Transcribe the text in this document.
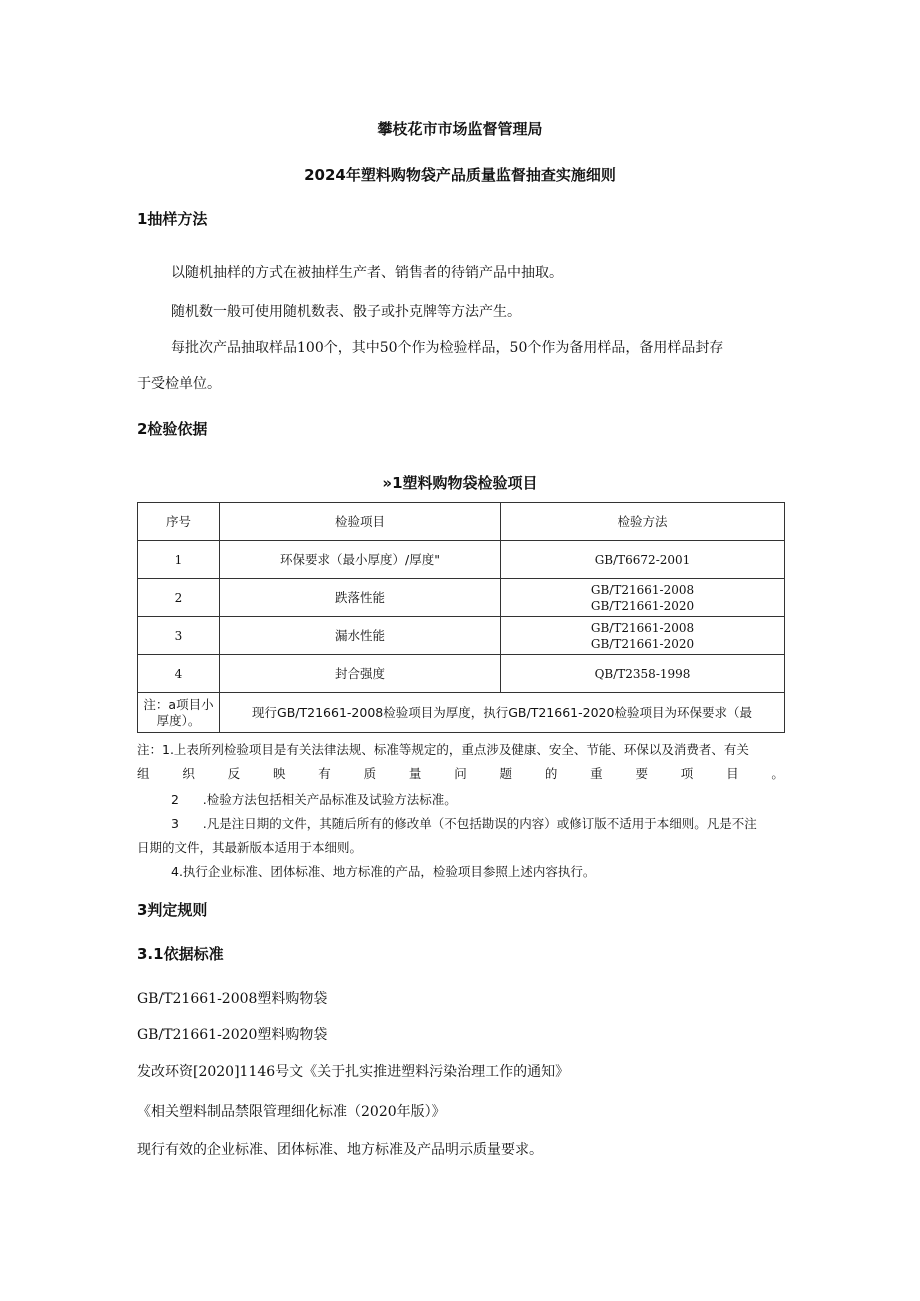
攀枝花市市场监督管理局
2024年塑料购物袋产品质量监督抽查实施细则
1抽样方法
以随机抽样的方式在被抽样生产者、销售者的待销产品中抽取。
随机数一般可使用随机数表、骰子或扑克牌等方法产生。
每批次产品抽取样品100个，其中50个作为检验样品，50个作为备用样品，备用样品封存
于受检单位。
2检验依据
»1塑料购物袋检验项目
序号	检验项目	检验方法
1	环保要求（最小厚度）/厚度"	GB/T6672-2001

2	跌落性能	GB/T21661-2008
GB/T21661-2020

3	漏水性能	GB/T21661-2008
GB/T21661-2020

4	封合强度	QB/T2358-1998

注：a项目小厚度）。	现行GB/T21661-2008检验项目为厚度，执行GB/T21661-2020检验项目为环保要求（最	
注：1.上表所列检验项目是有关法律法规、标准等规定的，重点涉及健康、安全、节能、环保以及消费者、有关
组	织	反	映	有	质	量	问	题	的	重	要	项	目	。
2	.检验方法包括相关产品标准及试验方法标准。
3	.凡是注日期的文件，其随后所有的修改单（不包括勘误的内容）或修订版不适用于本细则。凡是不注
日期的文件，其最新版本适用于本细则。
4.执行企业标准、团体标准、地方标准的产品，检验项目参照上述内容执行。
3判定规则
3.1依据标准
GB/T21661-2008塑料购物袋
GB/T21661-2020塑料购物袋
发改环资[2020]1146号文《关于扎实推进塑料污染治理工作的通知》
《相关塑料制品禁限管理细化标准（2020年版）》
现行有效的企业标准、团体标准、地方标准及产品明示质量要求。
